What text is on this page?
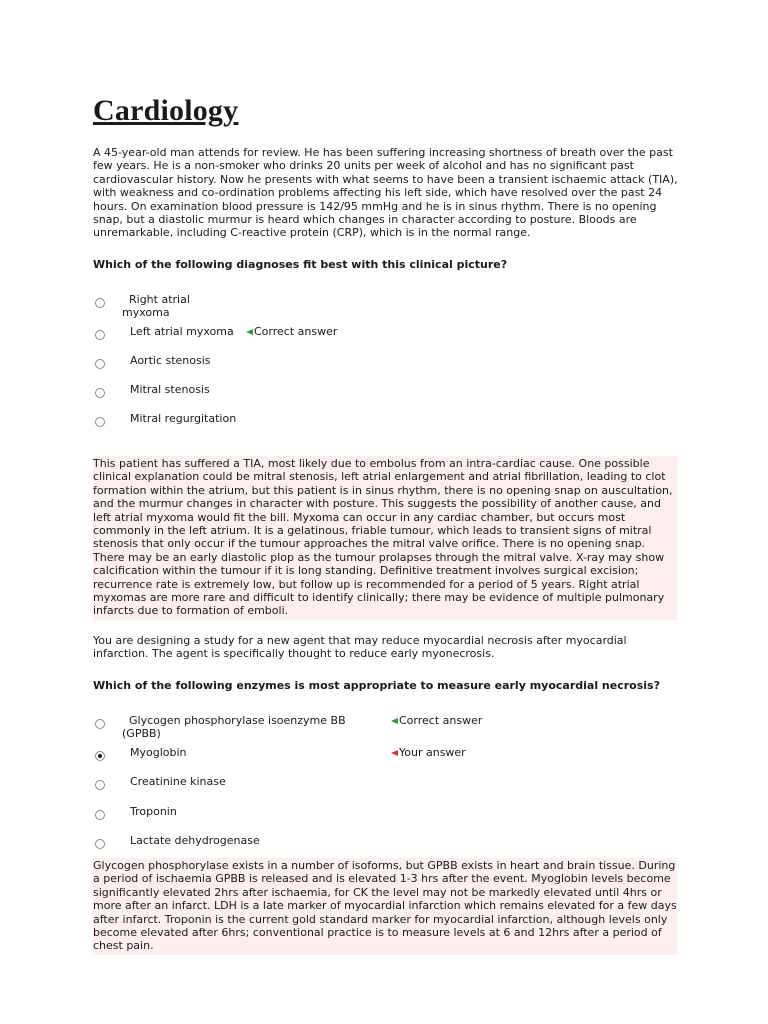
Cardiology

A 45-year-old man attends for review. He has been suffering increasing shortness of breath over the past few years. He is a non-smoker who drinks 20 units per week of alcohol and has no significant past cardiovascular history. Now he presents with what seems to have been a transient ischaemic attack (TIA), with weakness and co-ordination problems affecting his left side, which have resolved over the past 24 hours. On examination blood pressure is 142/95 mmHg and he is in sinus rhythm. There is no opening snap, but a diastolic murmur is heard which changes in character according to posture. Bloods are unremarkable, including C-reactive protein (CRP), which is in the normal range.

Which of the following diagnoses fit best with this clinical picture?

Right atrial myxoma
Left atrial myxoma	Correct answer
Aortic stenosis
Mitral stenosis
Mitral regurgitation

This patient has suffered a TIA, most likely due to embolus from an intra-cardiac cause. One possible clinical explanation could be mitral stenosis, left atrial enlargement and atrial fibrillation, leading to clot formation within the atrium, but this patient is in sinus rhythm, there is no opening snap on auscultation, and the murmur changes in character with posture. This suggests the possibility of another cause, and left atrial myxoma would fit the bill. Myxoma can occur in any cardiac chamber, but occurs most commonly in the left atrium. It is a gelatinous, friable tumour, which leads to transient signs of mitral stenosis that only occur if the tumour approaches the mitral valve orifice. There is no opening snap. There may be an early diastolic plop as the tumour prolapses through the mitral valve. X-ray may show calcification within the tumour if it is long standing. Definitive treatment involves surgical excision; recurrence rate is extremely low, but follow up is recommended for a period of 5 years. Right atrial myxomas are more rare and difficult to identify clinically; there may be evidence of multiple pulmonary infarcts due to formation of emboli.

You are designing a study for a new agent that may reduce myocardial necrosis after myocardial infarction. The agent is specifically thought to reduce early myonecrosis.

Which of the following enzymes is most appropriate to measure early myocardial necrosis?

Glycogen phosphorylase isoenzyme BB (GPBB)
Correct answer
Myoglobin	Your answer
Creatinine kinase
Troponin
Lactate dehydrogenase

Glycogen phosphorylase exists in a number of isoforms, but GPBB exists in heart and brain tissue. During a period of ischaemia GPBB is released and is elevated 1-3 hrs after the event. Myoglobin levels become significantly elevated 2hrs after ischaemia, for CK the level may not be markedly elevated until 4hrs or more after an infarct. LDH is a late marker of myocardial infarction which remains elevated for a few days after infarct. Troponin is the current gold standard marker for myocardial infarction, although levels only become elevated after 6hrs; conventional practice is to measure levels at 6 and 12hrs after a period of chest pain.
